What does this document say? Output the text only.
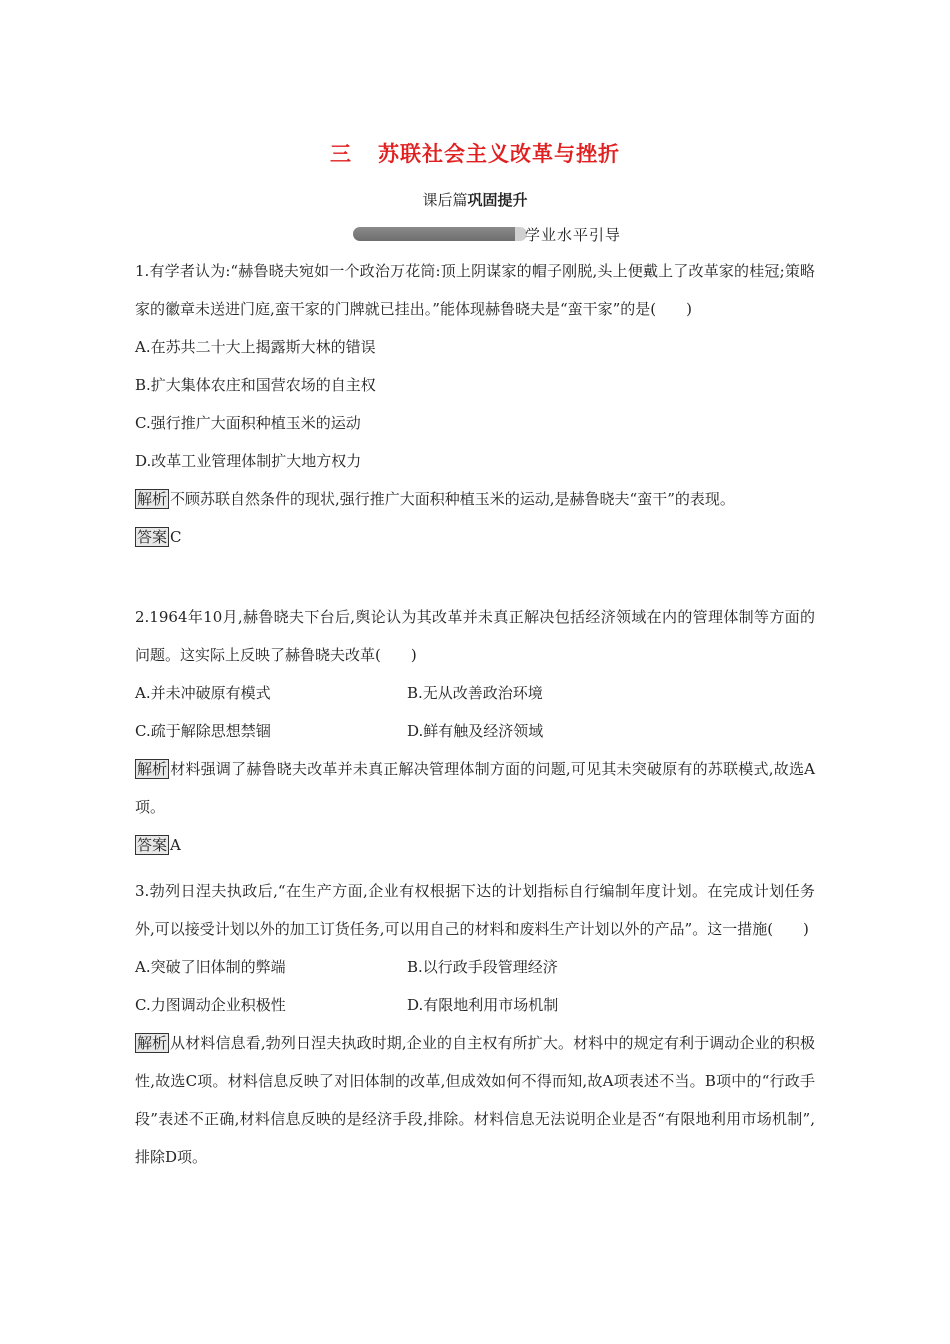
三 苏联社会主义改革与挫折
课后篇巩固提升
学业水平引导
1.有学者认为:“赫鲁晓夫宛如一个政治万花筒:顶上阴谋家的帽子刚脱,头上便戴上了改革家的桂冠;策略家的徽章未送进门庭,蛮干家的门牌就已挂出。”能体现赫鲁晓夫是“蛮干家”的是(　　)
A.在苏共二十大上揭露斯大林的错误
B.扩大集体农庄和国营农场的自主权
C.强行推广大面积种植玉米的运动
D.改革工业管理体制扩大地方权力
解析 不顾苏联自然条件的现状,强行推广大面积种植玉米的运动,是赫鲁晓夫“蛮干”的表现。
答案 C
2.1964年10月,赫鲁晓夫下台后,舆论认为其改革并未真正解决包括经济领域在内的管理体制等方面的问题。这实际上反映了赫鲁晓夫改革(　　)
A.并未冲破原有模式	B.无从改善政治环境
C.疏于解除思想禁锢	D.鲜有触及经济领域
解析 材料强调了赫鲁晓夫改革并未真正解决管理体制方面的问题,可见其未突破原有的苏联模式,故选A项。
答案 A
3.勃列日涅夫执政后,“在生产方面,企业有权根据下达的计划指标自行编制年度计划。在完成计划任务外,可以接受计划以外的加工订货任务,可以用自己的材料和废料生产计划以外的产品”。这一措施(　　)
A.突破了旧体制的弊端	B.以行政手段管理经济
C.力图调动企业积极性	D.有限地利用市场机制
解析 从材料信息看,勃列日涅夫执政时期,企业的自主权有所扩大。材料中的规定有利于调动企业的积极性,故选C项。材料信息反映了对旧体制的改革,但成效如何不得而知,故A项表述不当。B项中的“行政手段”表述不正确,材料信息反映的是经济手段,排除。材料信息无法说明企业是否“有限地利用市场机制”,排除D项。
